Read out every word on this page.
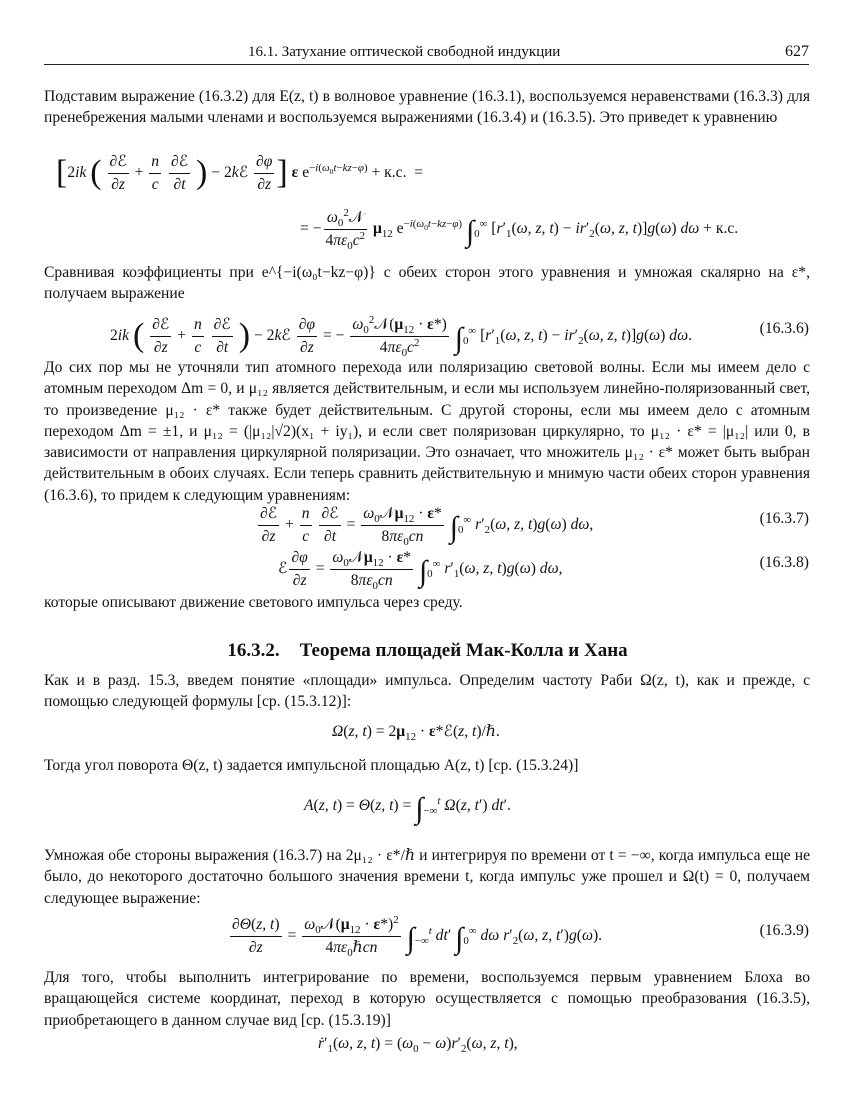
16.1. Затухание оптической свободной индукции	627

Подставим выражение (16.3.2) для E(z, t) в волновое уравнение (16.3.1), воспользуемся неравенствами (16.3.3) для пренебрежения малыми членами и воспользуемся выражениями (16.3.4) и (16.3.5). Это приведет к уравнению

[2ik ( $\frac{\text{∂ℰ}}{\partial z} + \frac{n}{c}$
$\frac{\text{∂ℰ}}{\partial t}$ ) − 2kℰ $\frac{\partial\varphi}{\partial z}$ ] ε $e^{-i(\omega_0t-kz-\varphi)} + к.с$.  =
= − $\frac{\omega_0^2𝒩}{4\pi\varepsilon_0c^2} \mu_{12}$ $e^{-i(\omega_0t-kz-\varphi)}$ $\int_0^\infty$ [$r'_1(\omega$, z, $t) - ir'_2(\omega$, z, t)]g(ω) dω + к.с.

Сравнивая коэффициенты при e^{−i(ω₀t−kz−φ)} с обеих сторон этого уравнения и умножая скалярно на ε*, получаем выражение

2ik ( $\frac{\text{∂ℰ}}{\partial z} + \frac{n}{c}$
$\frac{\text{∂ℰ}}{\partial t}$ ) − 2kℰ $\frac{\partial\varphi}{\partial z}$ = − $\frac{\omega_0^2𝒩(\mu_{12} \cdot \varepsilon*)}{4\pi\varepsilon_0c^2} \int_0^\infty$ [$r'_1(\omega$, z, $t) - ir'_2(\omega$, z, t)]g(ω) dω.	(16.3.6)

До сих пор мы не уточняли тип атомного перехода или поляризацию световой волны. Если мы имеем дело с атомным переходом Δm = 0, и μ₁₂ является действительным, и если мы используем линейно-поляризованный свет, то произведение μ₁₂ · ε* также будет действительным. С другой стороны, если мы имеем дело с атомным переходом Δm = ±1, и μ₁₂ = (|μ₁₂|√2)(x₁ + iy₁), и если свет поляризован циркулярно, то μ₁₂ · ε* = |μ₁₂| или 0, в зависимости от направления циркулярной поляризации. Это означает, что множитель μ₁₂ · ε* может быть выбран действительным в обоих случаях. Если теперь сравнить действительную и мнимую части обеих сторон уравнения (16.3.6), то придем к следующим уравнениям:

$\frac{\text{∂ℰ}}{\partial z} + \frac{n}{c}$
$\frac{\text{∂ℰ}}{\partial t} = \frac{\omega_0𝒩\mu_{12} \cdot \varepsilon*}{8\pi\varepsilon_0cn} \int_0^\infty$ $r'_2(\omega$, z, t)g(ω) dω,	(16.3.7)
ℰ $\frac{\partial\varphi}{\partial z} = \frac{\omega_0𝒩\mu_{12} \cdot \varepsilon*}{8\pi\varepsilon_0cn} \int_0^\infty$ $r'_1(\omega$, z, t)g(ω) dω,	(16.3.8)

которые описывают движение светового импульса через среду.

16.3.2. Теорема площадей Мак-Колла и Хана

Как и в разд. 15.3, введем понятие «площади» импульса. Определим частоту Раби Ω(z, t), как и прежде, с помощью следующей формулы [ср. (15.3.12)]:

Ω(z, $t) = 2\mu_{12}$ · ε*ℰ(z, t)/ℏ.

Тогда угол поворота Θ(z, t) задается импульсной площадью A(z, t) [ср. (15.3.24)]

A(z, t) = Θ(z, $t) = \int_{-\infty}^t$ Ω(z, t′) dt′.

Умножая обе стороны выражения (16.3.7) на 2μ₁₂ · ε*/ℏ и интегрируя по времени от t = −∞, когда импульса еще не было, до некоторого достаточно большого значения времени t, когда импульс уже прошел и Ω(t) = 0, получаем следующее выражение:

$\frac{\partial\Theta(z, t)}{\partial z} = \frac{\omega_0𝒩(\mu_{12} \cdot \varepsilon*)^2}{4\pi\varepsilon_0\hbar cn} \int_{-\infty}^t$ dt′ $\int_0^\infty$ dω $r'_2(\omega$, z, t′)g(ω).	(16.3.9)

Для того, чтобы выполнить интегрирование по времени, воспользуемся первым уравнением Блоха во вращающейся системе координат, переход в которую осуществляется с помощью преобразования (16.3.5), приобретающего в данном случае вид [ср. (15.3.19)]

$ṙ'_1(\omega$, z, $t) = (\omega_0 - \omega)r'_2(\omega$, z, t),
